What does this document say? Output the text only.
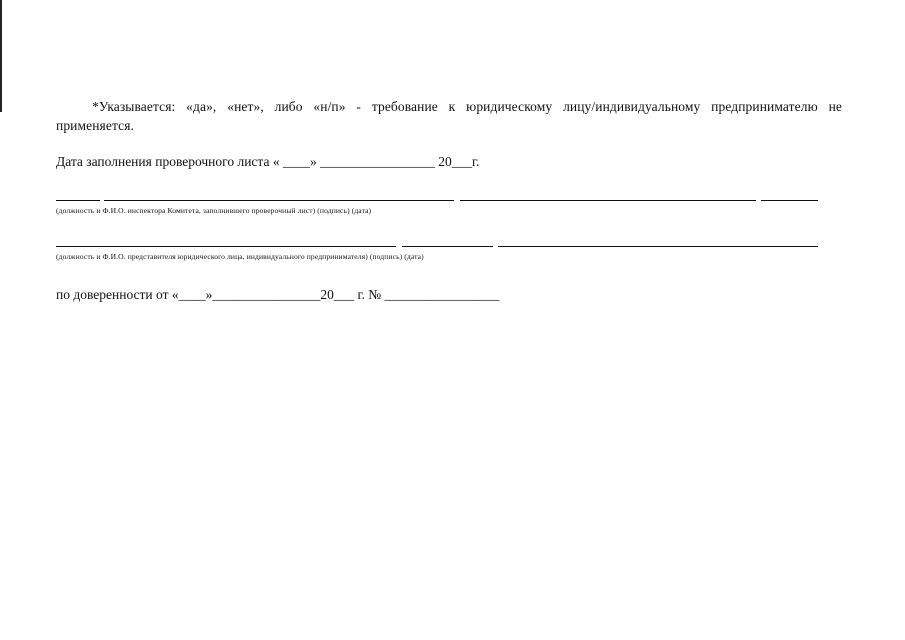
*Указывается: «да», «нет», либо «н/п» - требование к юридическому лицу/индивидуальному предпринимателю не применяется.

Дата заполнения проверочного листа « ____» _________________ 20___г.
(должность и Ф.И.О. инспектора Комитета, заполнившего проверочный лист) (подпись) (дата)
(должность и Ф.И.О. представителя юридического лица, индивидуального предпринимателя) (подпись) (дата)
по доверенности от «____»________________20___ г. № _________________
